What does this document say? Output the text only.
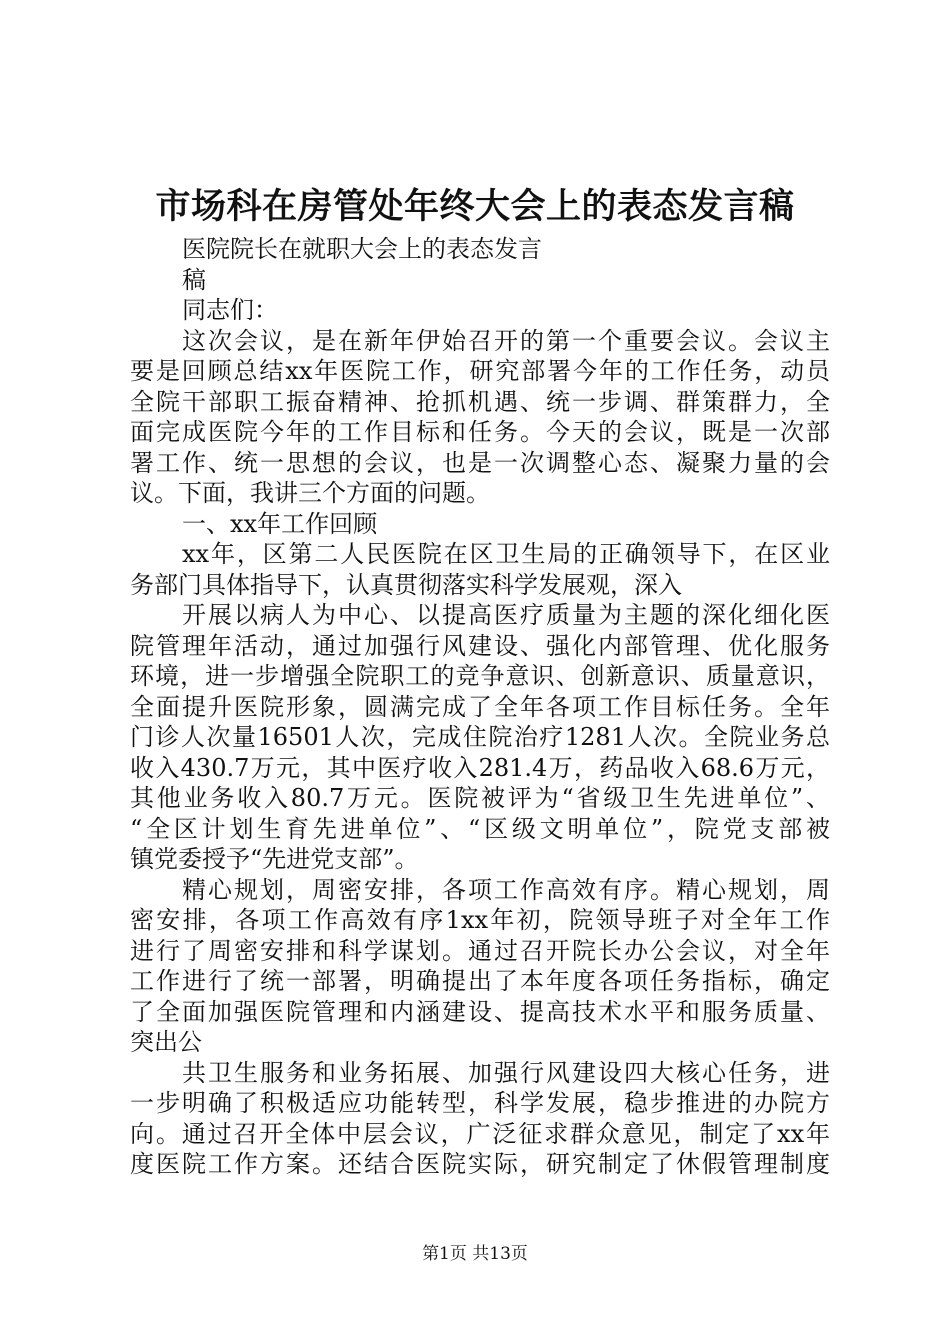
市场科在房管处年终大会上的表态发言稿

医院院长在就职大会上的表态发言

稿

同志们：

这次会议，是在新年伊始召开的第一个重要会议。会议主

要是回顾总结xx年医院工作，研究部署今年的工作任务，动员

全院干部职工振奋精神、抢抓机遇、统一步调、群策群力，全

面完成医院今年的工作目标和任务。今天的会议，既是一次部

署工作、统一思想的会议，也是一次调整心态、凝聚力量的会

议。下面，我讲三个方面的问题。

一、xx年工作回顾

xx年，区第二人民医院在区卫生局的正确领导下，在区业

务部门具体指导下，认真贯彻落实科学发展观，深入

开展以病人为中心、以提高医疗质量为主题的深化细化医

院管理年活动，通过加强行风建设、强化内部管理、优化服务

环境，进一步增强全院职工的竞争意识、创新意识、质量意识，

全面提升医院形象，圆满完成了全年各项工作目标任务。全年

门诊人次量16501人次，完成住院治疗1281人次。全院业务总

收入430.7万元，其中医疗收入281.4万，药品收入68.6万元，

其他业务收入80.7万元。医院被评为“省级卫生先进单位”、

“全区计划生育先进单位”、“区级文明单位”，院党支部被

镇党委授予“先进党支部”。

精心规划，周密安排，各项工作高效有序。精心规划，周

密安排，各项工作高效有序1xx年初，院领导班子对全年工作

进行了周密安排和科学谋划。通过召开院长办公会议，对全年

工作进行了统一部署，明确提出了本年度各项任务指标，确定

了全面加强医院管理和内涵建设、提高技术水平和服务质量、

突出公

共卫生服务和业务拓展、加强行风建设四大核心任务，进

一步明确了积极适应功能转型，科学发展，稳步推进的办院方

向。通过召开全体中层会议，广泛征求群众意见，制定了xx年

度医院工作方案。还结合医院实际，研究制定了休假管理制度

第1页 共13页
